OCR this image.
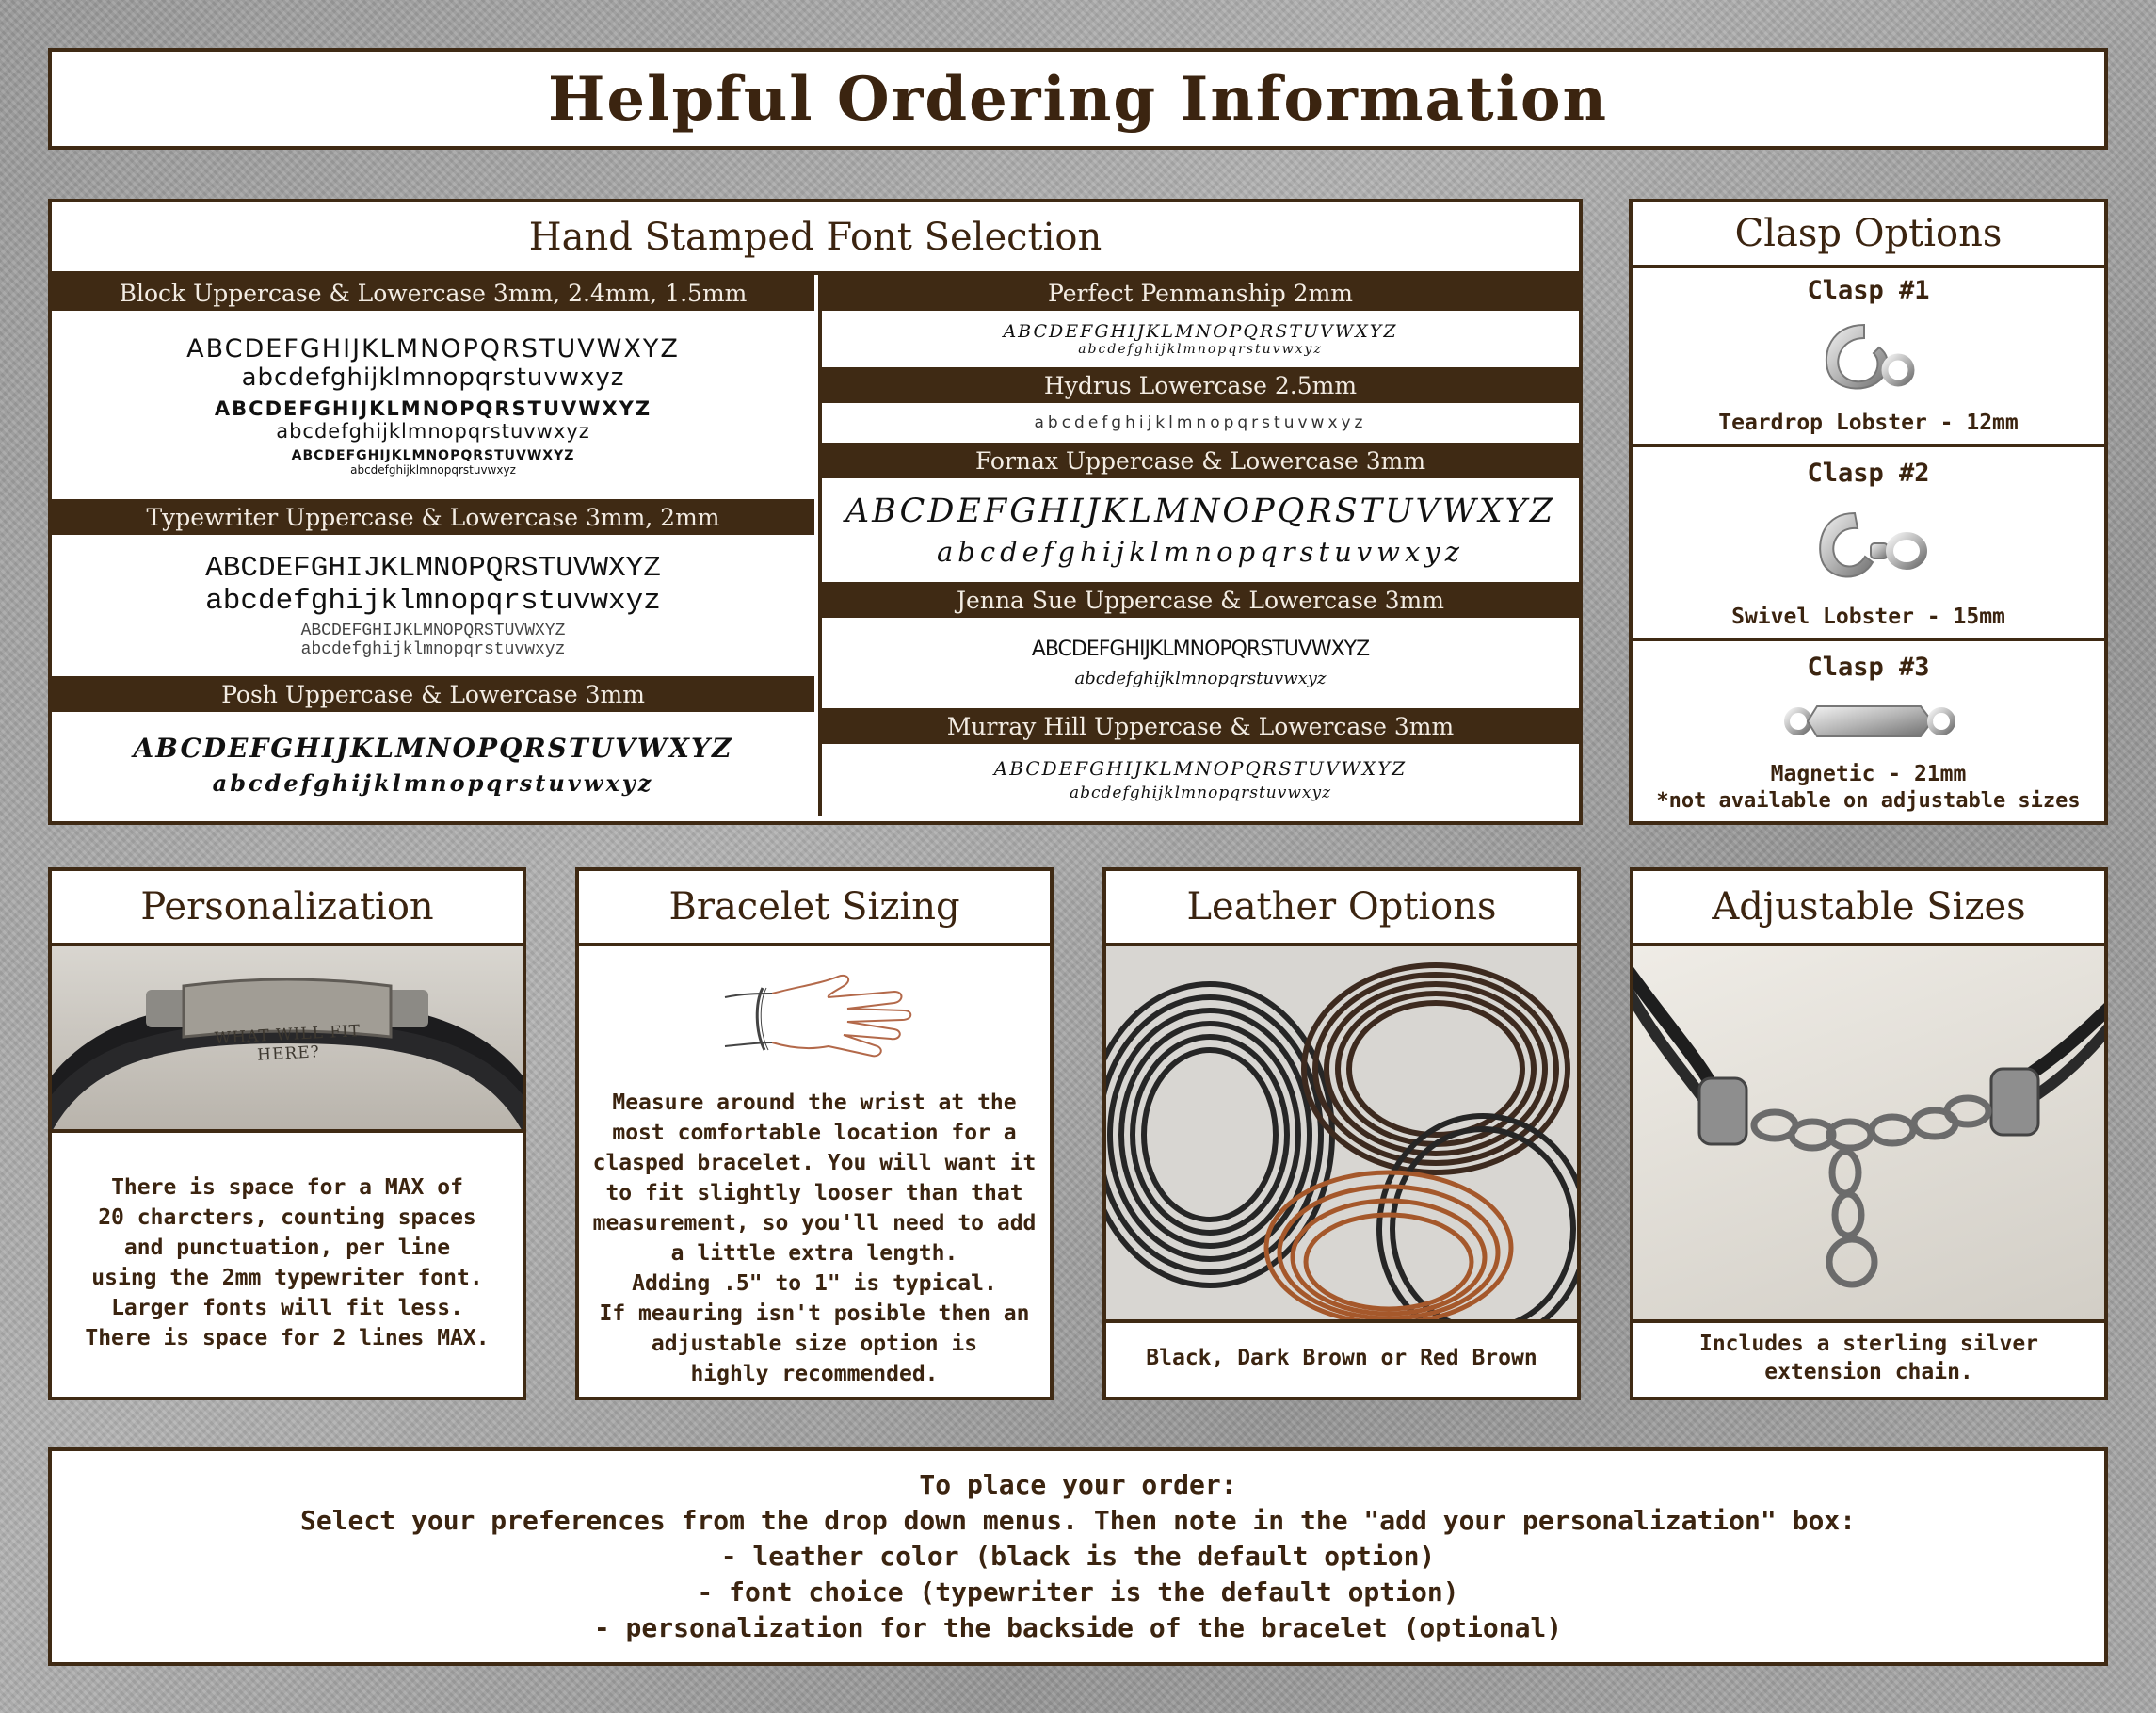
Helpful Ordering Information
Hand Stamped Font Selection
Block Uppercase & Lowercase 3mm, 2.4mm, 1.5mm
ABCDEFGHIJKLMNOPQRSTUVWXYZ
abcdefghijklmnopqrstuvwxyz
ABCDEFGHIJKLMNOPQRSTUVWXYZ
abcdefghijklmnopqrstuvwxyz
ABCDEFGHIJKLMNOPQRSTUVWXYZ
abcdefghijklmnopqrstuvwxyz
Typewriter Uppercase & Lowercase 3mm, 2mm
ABCDEFGHIJKLMNOPQRSTUVWXYZ
abcdefghijklmnopqrstuvwxyz
ABCDEFGHIJKLMNOPQRSTUVWXYZ
abcdefghijklmnopqrstuvwxyz
Posh Uppercase & Lowercase 3mm
ABCDEFGHIJKLMNOPQRSTUVWXYZ
abcdefghijklmnopqrstuvwxyz
Perfect Penmanship 2mm
ABCDEFGHIJKLMNOPQRSTUVWXYZ
abcdefghijklmnopqrstuvwxyz
Hydrus Lowercase 2.5mm
abcdefghijklmnopqrstuvwxyz
Fornax Uppercase & Lowercase 3mm
ABCDEFGHIJKLMNOPQRSTUVWXYZ
abcdefghijklmnopqrstuvwxyz
Jenna Sue Uppercase & Lowercase 3mm
ABCDEFGHIJKLMNOPQRSTUVWXYZ
abcdefghijklmnopqrstuvwxyz
Murray Hill Uppercase & Lowercase 3mm
ABCDEFGHIJKLMNOPQRSTUVWXYZ
abcdefghijklmnopqrstuvwxyz
Clasp Options
Clasp #1
Teardrop Lobster - 12mm
Clasp #2
Swivel Lobster - 15mm
Clasp #3
Magnetic - 21mm
*not available on adjustable sizes
Personalization
WHAT WILL FIT HERE?
There is space for a MAX of
20 charcters, counting spaces
and punctuation, per line
using the 2mm typewriter font.
Larger fonts will fit less.
There is space for 2 lines MAX.
Bracelet Sizing
Measure around the wrist at the
most comfortable location for a
clasped bracelet. You will want it
to fit slightly looser than that
measurement, so you'll need to add
a little extra length.
Adding .5" to 1" is typical.
If meauring isn't posible then an
adjustable size option is
highly recommended.
Leather Options
Black, Dark Brown or Red Brown
Adjustable Sizes
Includes a sterling silver
extension chain.
To place your order:
Select your preferences from the drop down menus. Then note in the "add your personalization" box:
- leather color (black is the default option)
- font choice (typewriter is the default option)
- personalization for the backside of the bracelet (optional)
